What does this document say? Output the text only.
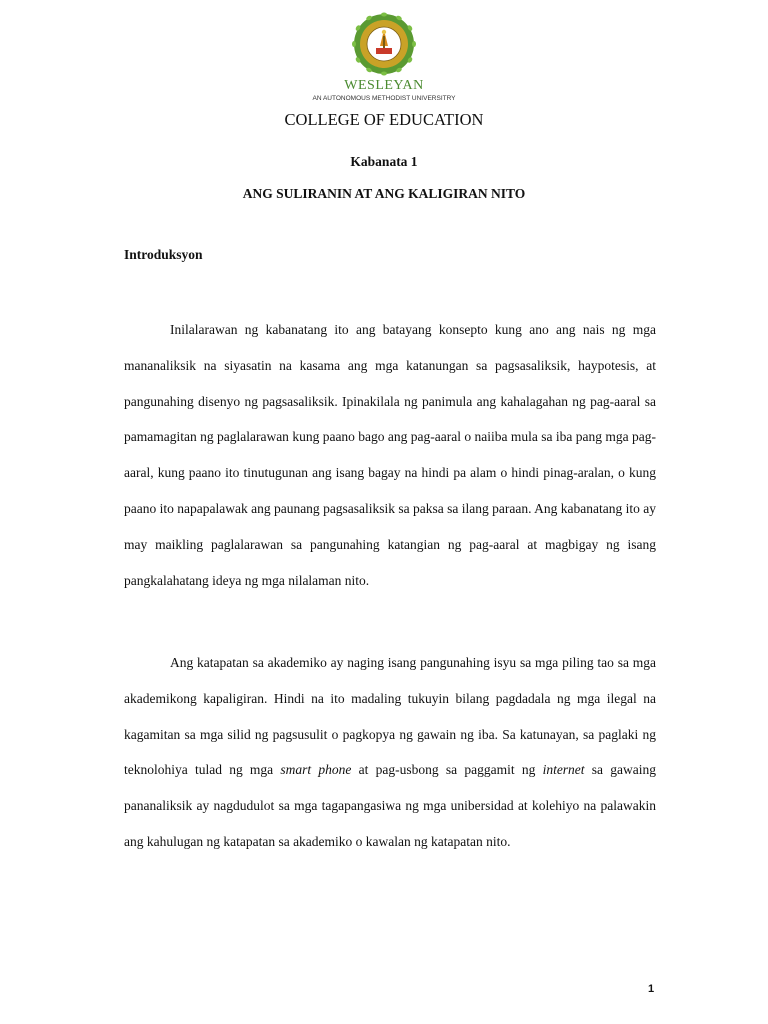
WESLEYAN
AN AUTONOMOUS METHODIST UNIVERSITRY
COLLEGE OF EDUCATION
Kabanata 1
ANG SULIRANIN AT ANG KALIGIRAN NITO
Introduksyon

Inilalarawan ng kabanatang ito ang batayang konsepto kung ano ang nais ng mga mananaliksik na siyasatin na kasama ang mga katanungan sa pagsasaliksik, haypotesis, at pangunahing disenyo ng pagsasaliksik. Ipinakilala ng panimula ang kahalagahan ng pag-aaral sa pamamagitan ng paglalarawan kung paano bago ang pag-aaral o naiiba mula sa iba pang mga pag-aaral, kung paano ito tinutugunan ang isang bagay na hindi pa alam o hindi pinag-aralan, o kung paano ito napapalawak ang paunang pagsasaliksik sa paksa sa ilang paraan. Ang kabanatang ito ay may maikling paglalarawan sa pangunahing katangian ng pag-aaral at magbigay ng isang pangkalahatang ideya ng mga nilalaman nito.

Ang katapatan sa akademiko ay naging isang pangunahing isyu sa mga piling tao sa mga akademikong kapaligiran. Hindi na ito madaling tukuyin bilang pagdadala ng mga ilegal na kagamitan sa mga silid ng pagsusulit o pagkopya ng gawain ng iba. Sa katunayan, sa paglaki ng teknolohiya tulad ng mga smart phone at pag-usbong sa paggamit ng internet sa gawaing pananaliksik ay nagdudulot sa mga tagapangasiwa ng mga unibersidad at kolehiyo na palawakin ang kahulugan ng katapatan sa akademiko o kawalan ng katapatan nito.

1
